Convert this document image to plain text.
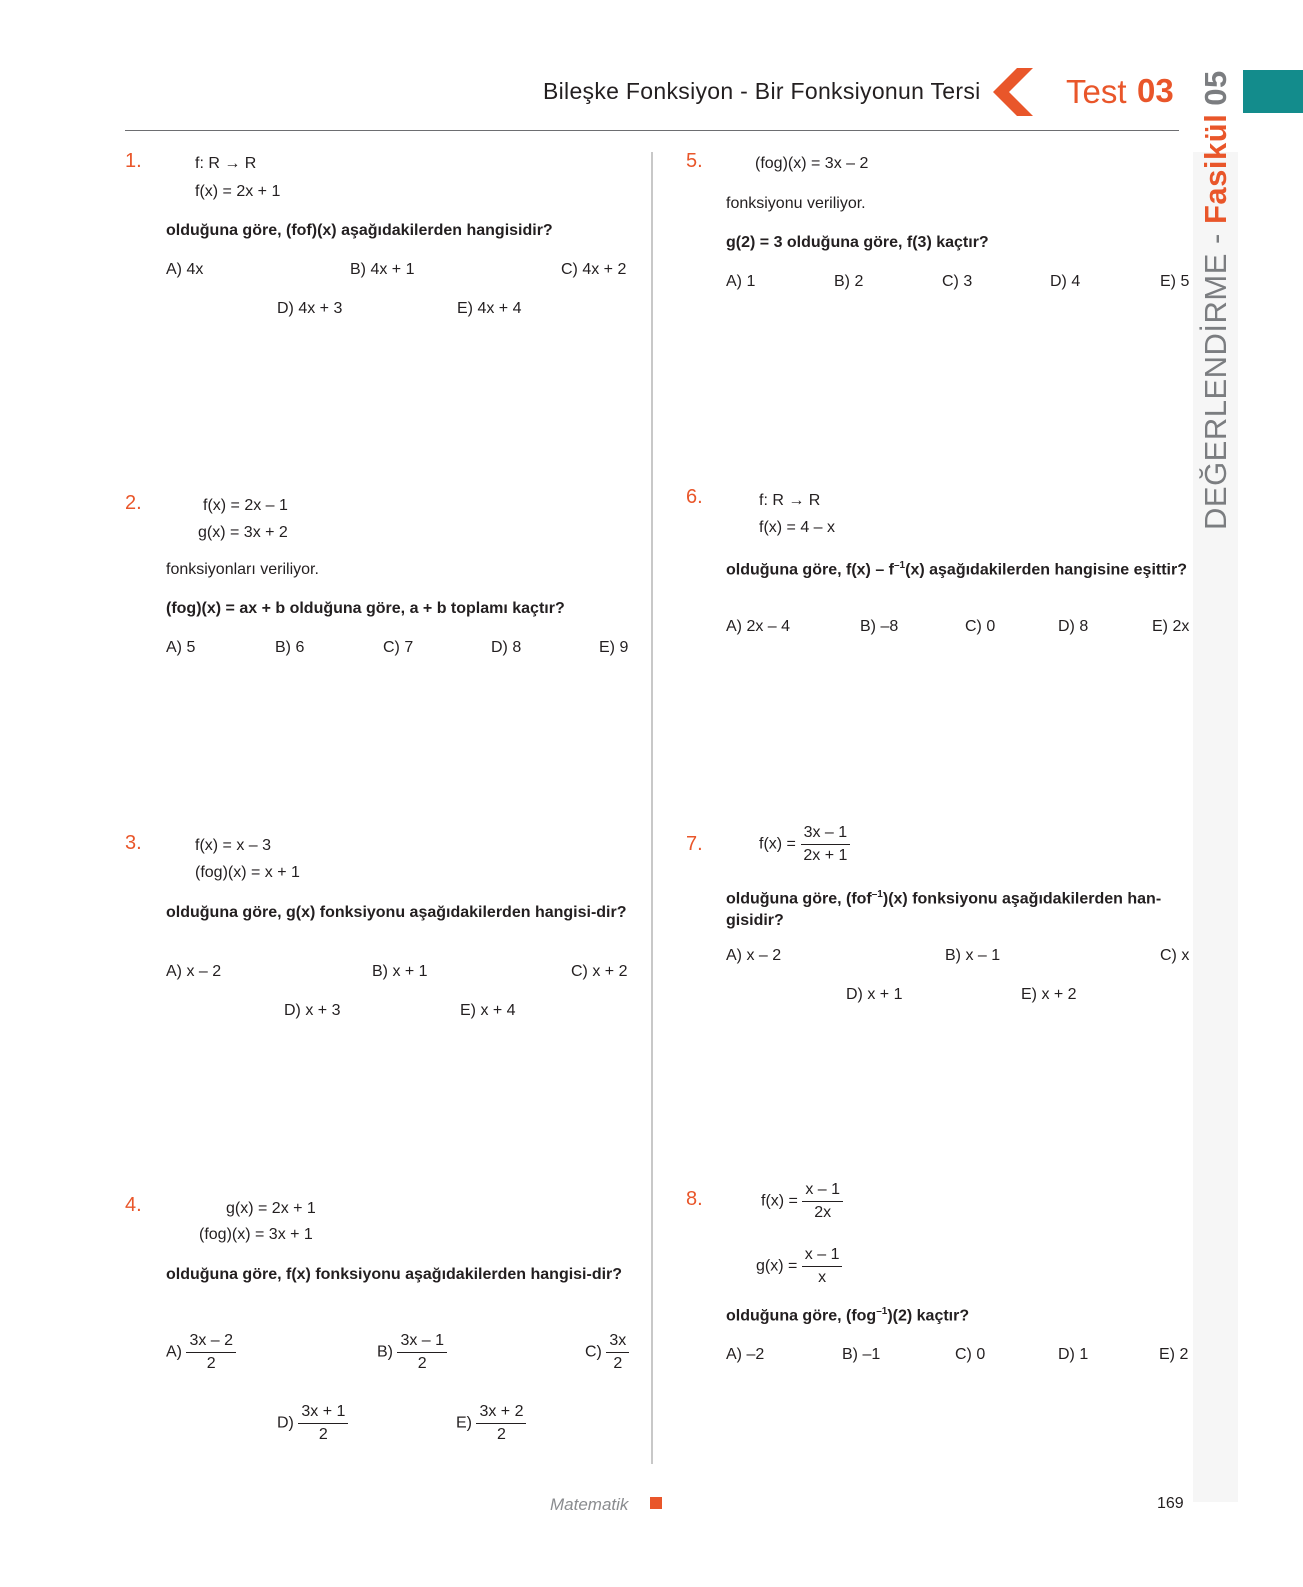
Bileşke Fonksiyon - Bir Fonksiyonun Tersi	Test 03
DEĞERLENDİRME - Fasikül05
1.	f: R → R
f(x) = 2x + 1
olduğuna göre, (fof)(x) aşağıdakilerden hangisidir?
A) 4x	B) 4x + 1	C) 4x + 2
D) 4x + 3	E) 4x + 4
2.	f(x) = 2x – 1
g(x) = 3x + 2
fonksiyonları veriliyor.
(fog)(x) = ax + b olduğuna göre, a + b toplamı kaçtır?
A) 5	B) 6	C) 7	D) 8	E) 9
3.	f(x) = x – 3
(fog)(x) = x + 1
olduğuna göre, g(x) fonksiyonu aşağıdakilerden hangisi-dir?
A) x – 2	B) x + 1	C) x + 2
D) x + 3	E) x + 4
4.	g(x) = 2x + 1
(fog)(x) = 3x + 1
olduğuna göre, f(x) fonksiyonu aşağıdakilerden hangisi-dir?
$A) \frac{3x - 2}{2}$	$B) \frac{3x - 1}{2}$	$C) \frac{3x}{2}$
$D) \frac{3x + 1}{2}$	$E) \frac{3x + 2}{2}$
5.	(fog)(x) = 3x – 2
fonksiyonu veriliyor.
g(2) = 3 olduğuna göre, f(3) kaçtır?
A) 1	B) 2	C) 3	D) 4	E) 5
6.	f: R → R
f(x) = 4 – x
olduğuna göre, $f(x) - f^{-1}(x)$ aşağıdakilerden hangisine eşittir?
A) 2x – 4	B) –8	C) 0	D) 8	E) 2x
7.	$f(x) = \frac{3x - 1}{2x + 1}$
olduğuna göre, (fof$^{-1}$)(x) fonksiyonu aşağıdakilerden han-gisidir?
A) x – 2	B) x – 1	C) x
D) x + 1	E) x + 2
8.	$f(x) = \frac{x - 1}{2x}$
$g(x) = \frac{x - 1}{x}$
olduğuna göre, (fog$^{-1}$)(2) kaçtır?
A) –2	B) –1	C) 0	D) 1	E) 2
Matematik	169
